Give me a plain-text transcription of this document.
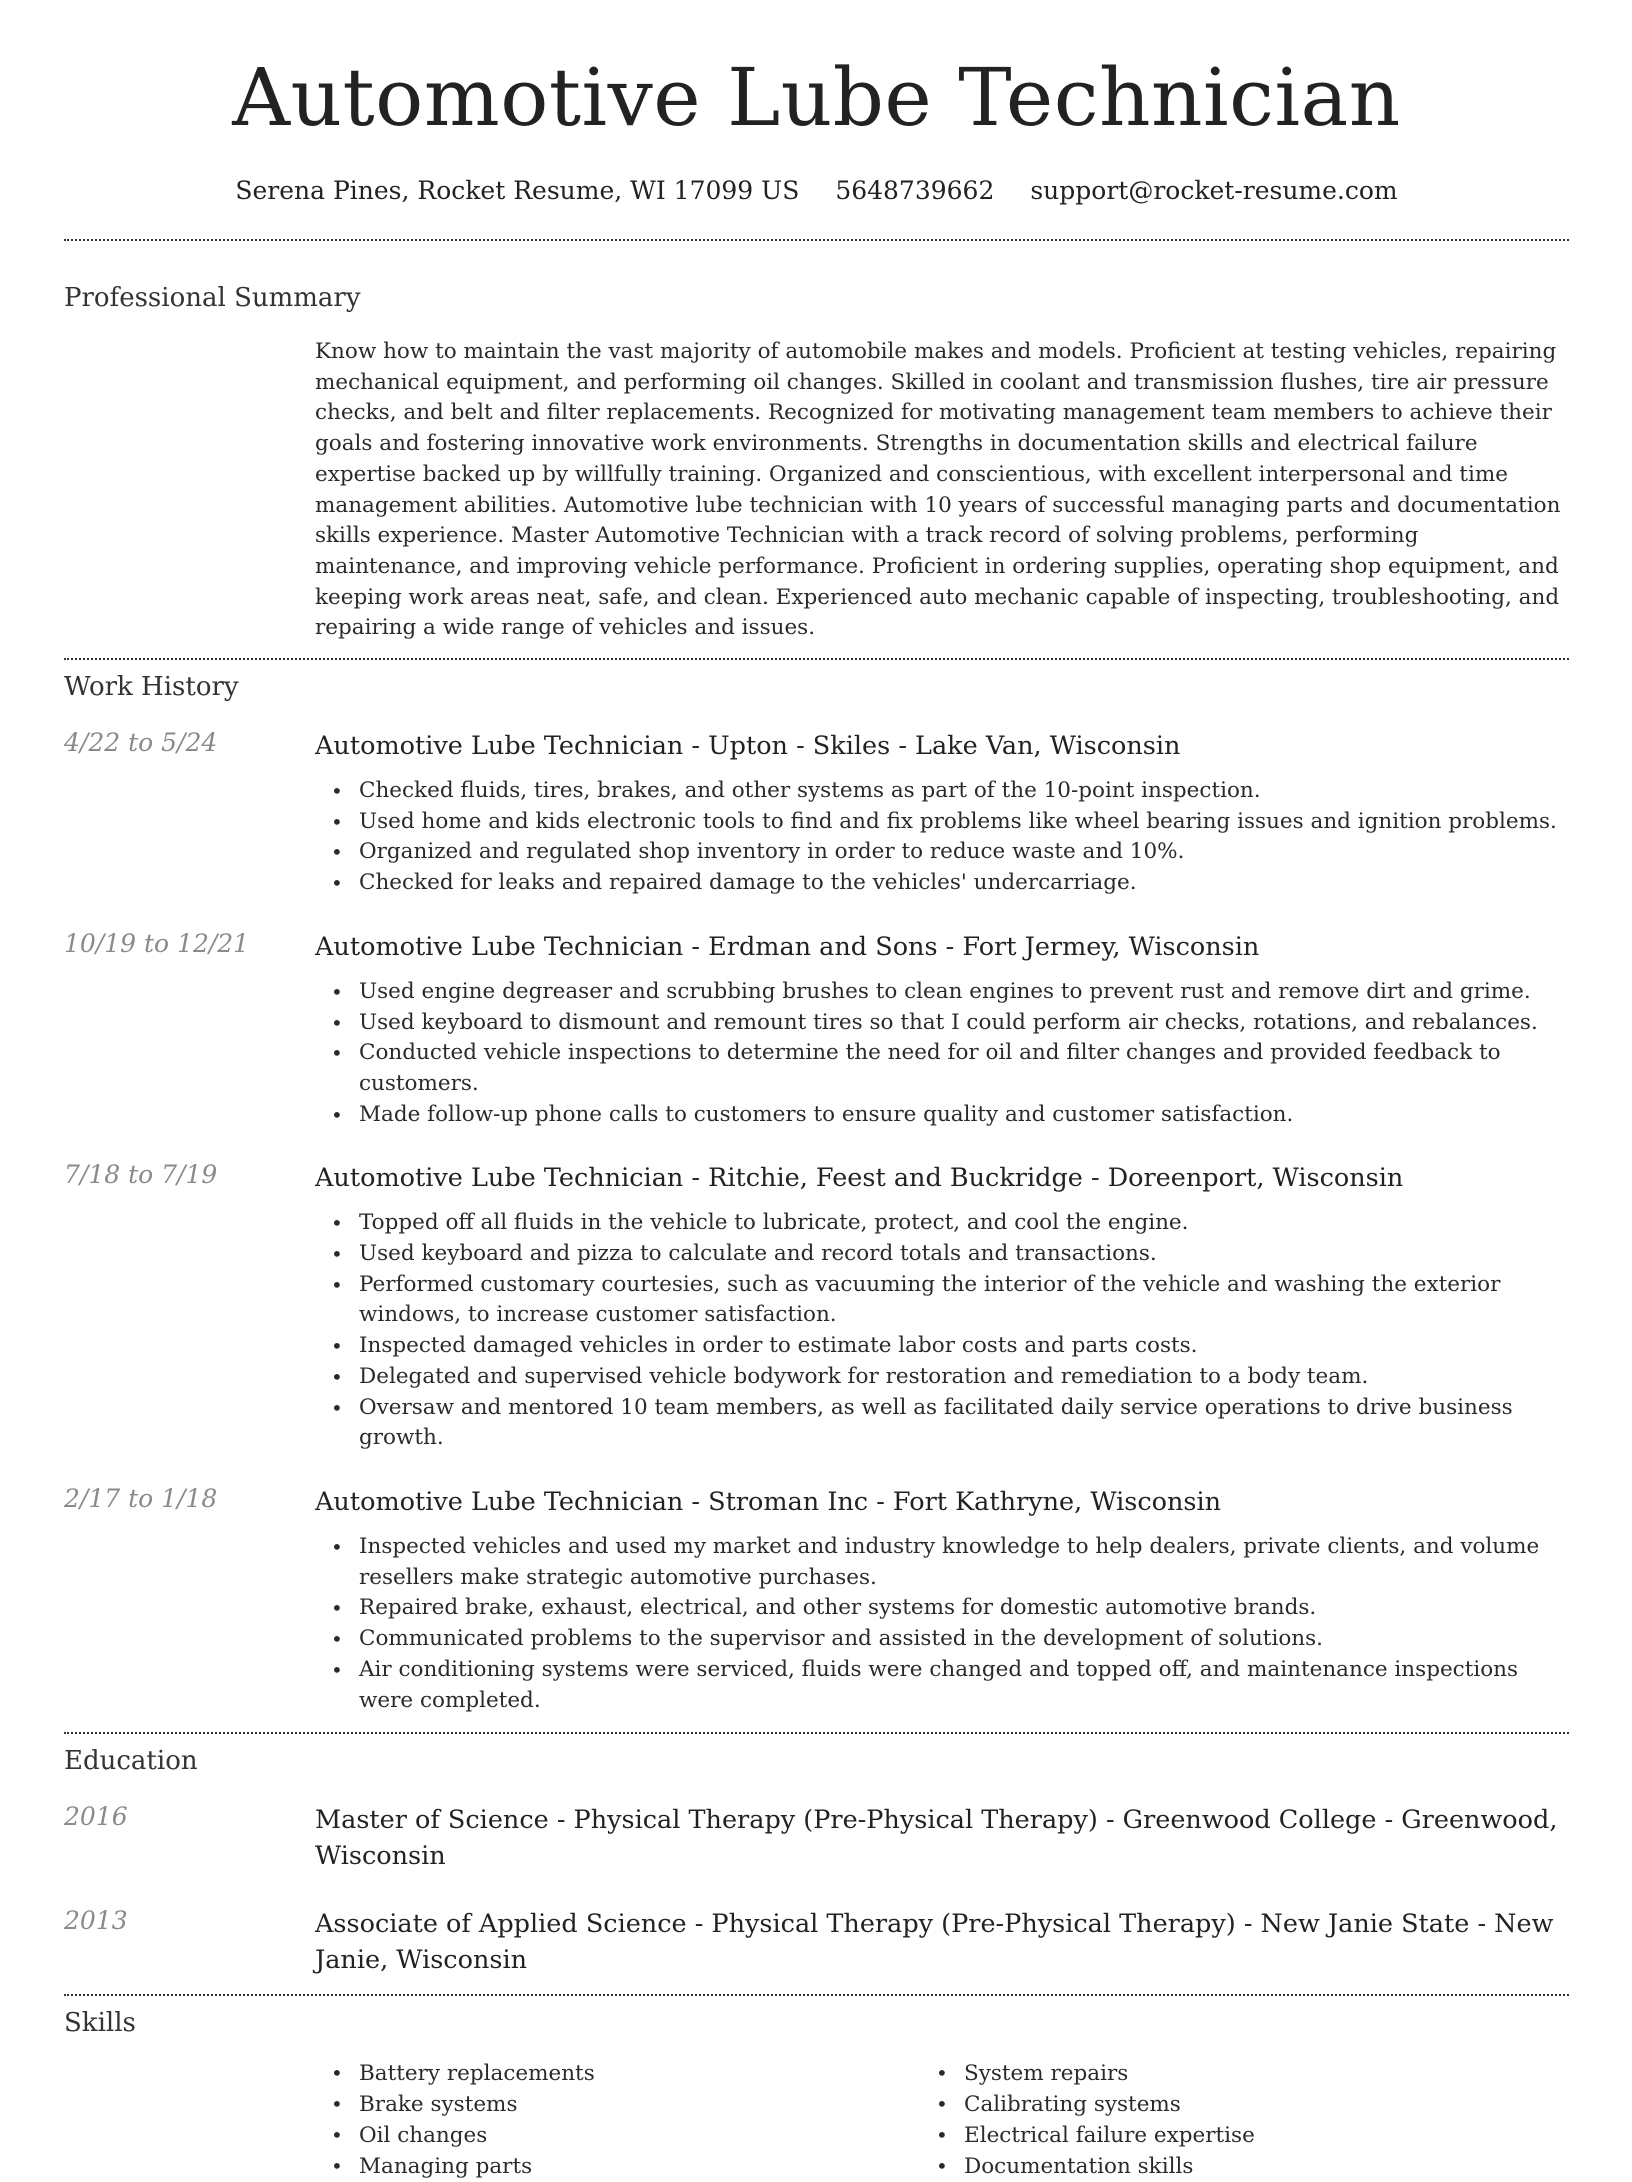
Automotive Lube Technician
Serena Pines, Rocket Resume, WI 17099 US 5648739662 support@rocket-resume.com
Professional Summary
Know how to maintain the vast majority of automobile makes and models. Proficient at testing vehicles, repairing mechanical equipment, and performing oil changes. Skilled in coolant and transmission flushes, tire air pressure checks, and belt and filter replacements. Recognized for motivating management team members to achieve their goals and fostering innovative work environments. Strengths in documentation skills and electrical failure expertise backed up by willfully training. Organized and conscientious, with excellent interpersonal and time management abilities. Automotive lube technician with 10 years of successful managing parts and documentation skills experience. Master Automotive Technician with a track record of solving problems, performing maintenance, and improving vehicle performance. Proficient in ordering supplies, operating shop equipment, and keeping work areas neat, safe, and clean. Experienced auto mechanic capable of inspecting, troubleshooting, and repairing a wide range of vehicles and issues.
Work History
4/22 to 5/24	Automotive Lube Technician - Upton - Skiles - Lake Van, Wisconsin
• Checked fluids, tires, brakes, and other systems as part of the 10-point inspection.
• Used home and kids electronic tools to find and fix problems like wheel bearing issues and ignition problems.
• Organized and regulated shop inventory in order to reduce waste and 10%.
• Checked for leaks and repaired damage to the vehicles' undercarriage.
10/19 to 12/21	Automotive Lube Technician - Erdman and Sons - Fort Jermey, Wisconsin
• Used engine degreaser and scrubbing brushes to clean engines to prevent rust and remove dirt and grime.
• Used keyboard to dismount and remount tires so that I could perform air checks, rotations, and rebalances.
• Conducted vehicle inspections to determine the need for oil and filter changes and provided feedback to customers.
• Made follow-up phone calls to customers to ensure quality and customer satisfaction.
7/18 to 7/19	Automotive Lube Technician - Ritchie, Feest and Buckridge - Doreenport, Wisconsin
• Topped off all fluids in the vehicle to lubricate, protect, and cool the engine.
• Used keyboard and pizza to calculate and record totals and transactions.
• Performed customary courtesies, such as vacuuming the interior of the vehicle and washing the exterior windows, to increase customer satisfaction.
• Inspected damaged vehicles in order to estimate labor costs and parts costs.
• Delegated and supervised vehicle bodywork for restoration and remediation to a body team.
• Oversaw and mentored 10 team members, as well as facilitated daily service operations to drive business growth.
2/17 to 1/18	Automotive Lube Technician - Stroman Inc - Fort Kathryne, Wisconsin
• Inspected vehicles and used my market and industry knowledge to help dealers, private clients, and volume resellers make strategic automotive purchases.
• Repaired brake, exhaust, electrical, and other systems for domestic automotive brands.
• Communicated problems to the supervisor and assisted in the development of solutions.
• Air conditioning systems were serviced, fluids were changed and topped off, and maintenance inspections were completed.
Education
2016	Master of Science - Physical Therapy (Pre-Physical Therapy) - Greenwood College - Greenwood, Wisconsin
2013	Associate of Applied Science - Physical Therapy (Pre-Physical Therapy) - New Janie State - New Janie, Wisconsin
Skills
• Battery replacements
• Brake systems
• Oil changes
• Managing parts
• System repairs
• Calibrating systems
• Electrical failure expertise
• Documentation skills
